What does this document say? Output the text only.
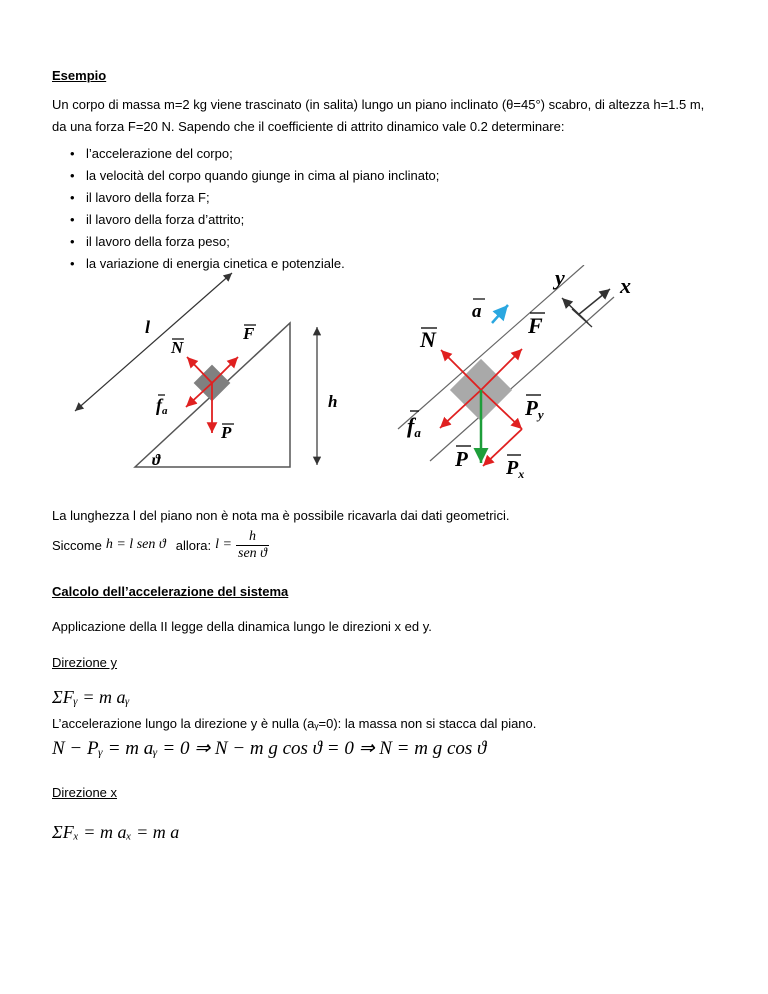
Esempio
Un corpo di massa m=2 kg viene trascinato (in salita) lungo un piano inclinato (θ=45°) scabro, di altezza h=1.5 m,
da una forza F=20 N. Sapendo che il coefficiente di attrito dinamico vale 0.2 determinare:
• l’accelerazione del corpo;
• la velocità del corpo quando giunge in cima al piano inclinato;
• il lavoro della forza F;
• il lavoro della forza d’attrito;
• il lavoro della forza peso;
• la variazione di energia cinetica e potenziale.
l
N
F
fa
P
h
ϑ
y	x
a
N
F
fa
Py
P $P_x$
La lunghezza l del piano non è nota ma è possibile ricavarla dai dati geometrici.
Siccome h = l sen ϑ allora: $l = \frac{h}{\text{sen ϑ}}$
Calcolo dell’accelerazione del sistema
Applicazione della II legge della dinamica lungo le direzioni x ed y.
Direzione y
ΣFᵧ = m aᵧ
L’accelerazione lungo la direzione y è nulla (aᵧ=0): la massa non si stacca dal piano.
N − Pᵧ = m aᵧ = 0 ⇒ N − m g cos ϑ = 0 ⇒ N = m g cos ϑ
Direzione x
ΣFₓ = m aₓ = m a
